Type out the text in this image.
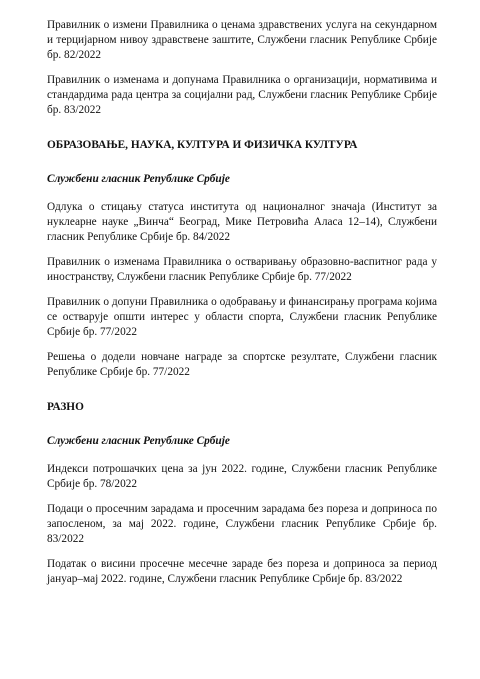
Правилник о измени Правилника о ценама здравствених услуга на секундарном и терцијарном нивоу здравствене заштите, Службени гласник Републике Србије бр. 82/2022

Правилник о изменама и допунама Правилника о организацији, нормативима и стандардима рада центра за социјални рад, Службени гласник Републике Србије бр. 83/2022

ОБРАЗОВАЊЕ, НАУКА, КУЛТУРА И ФИЗИЧКА КУЛТУРА
Службени гласник Републике Србије

Одлука о стицању статуса института од националног значаја (Институт за нуклеарне науке „Винча“ Београд, Мике Петровића Аласа 12–14), Службени гласник Републике Србије бр. 84/2022

Правилник о изменама Правилника о остваривању образовно-васпитног рада у иностранству, Службени гласник Републике Србије бр. 77/2022

Правилник о допуни Правилника о одобравању и финансирању програма којима се остварује општи интерес у области спорта, Службени гласник Републике Србије бр. 77/2022

Решења о додели новчане награде за спортске резултате, Службени гласник Републике Србије бр. 77/2022

РАЗНО
Службени гласник Републике Србије

Индекси потрошачких цена за јун 2022. године, Службени гласник Републике Србије бр. 78/2022

Подаци о просечним зарадама и просечним зарадама без пореза и доприноса по запосленом, за мај 2022. године, Службени гласник Републике Србије бр. 83/2022

Податак о висини просечне месечне зараде без пореза и доприноса за период јануар–мај 2022. године, Службени гласник Републике Србије бр. 83/2022
